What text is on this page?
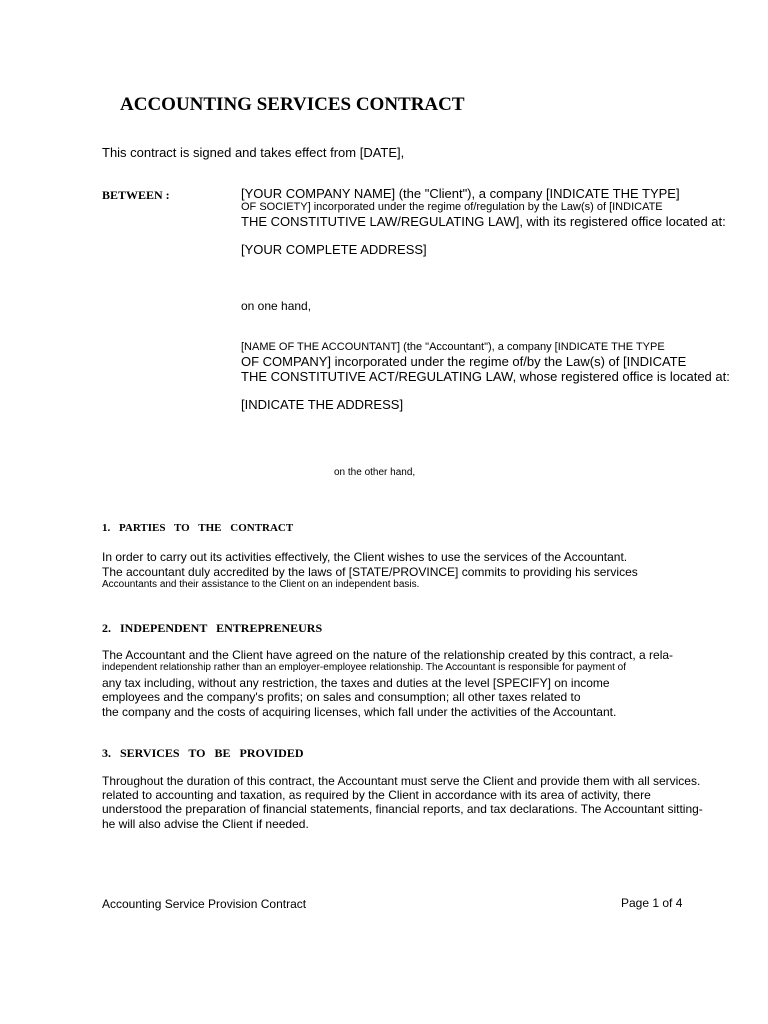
ACCOUNTING SERVICES CONTRACT
This contract is signed and takes effect from [DATE],
BETWEEN :	[YOUR COMPANY NAME] (the "Client"), a company [INDICATE THE TYPE]
OF SOCIETY] incorporated under the regime of/regulation by the Law(s) of [INDICATE
THE CONSTITUTIVE LAW/REGULATING LAW], with its registered office located at:
[YOUR COMPLETE ADDRESS]
on one hand,
[NAME OF THE ACCOUNTANT] (the "Accountant"), a company [INDICATE THE TYPE
OF COMPANY] incorporated under the regime of/by the Law(s) of [INDICATE
THE CONSTITUTIVE ACT/REGULATING LAW, whose registered office is located at:
[INDICATE THE ADDRESS]
on the other hand,
1. PARTIES TO THE CONTRACT
In order to carry out its activities effectively, the Client wishes to use the services of the Accountant.
The accountant duly accredited by the laws of [STATE/PROVINCE] commits to providing his services
Accountants and their assistance to the Client on an independent basis.
2. INDEPENDENT ENTREPRENEURS
The Accountant and the Client have agreed on the nature of the relationship created by this contract, a rela-
independent relationship rather than an employer-employee relationship. The Accountant is responsible for payment of
any tax including, without any restriction, the taxes and duties at the level [SPECIFY] on income
employees and the company's profits; on sales and consumption; all other taxes related to
the company and the costs of acquiring licenses, which fall under the activities of the Accountant.
3. SERVICES TO BE PROVIDED
Throughout the duration of this contract, the Accountant must serve the Client and provide them with all services.
related to accounting and taxation, as required by the Client in accordance with its area of activity, there
understood the preparation of financial statements, financial reports, and tax declarations. The Accountant sitting-
he will also advise the Client if needed.
Accounting Service Provision Contract	Page 1 of 4
